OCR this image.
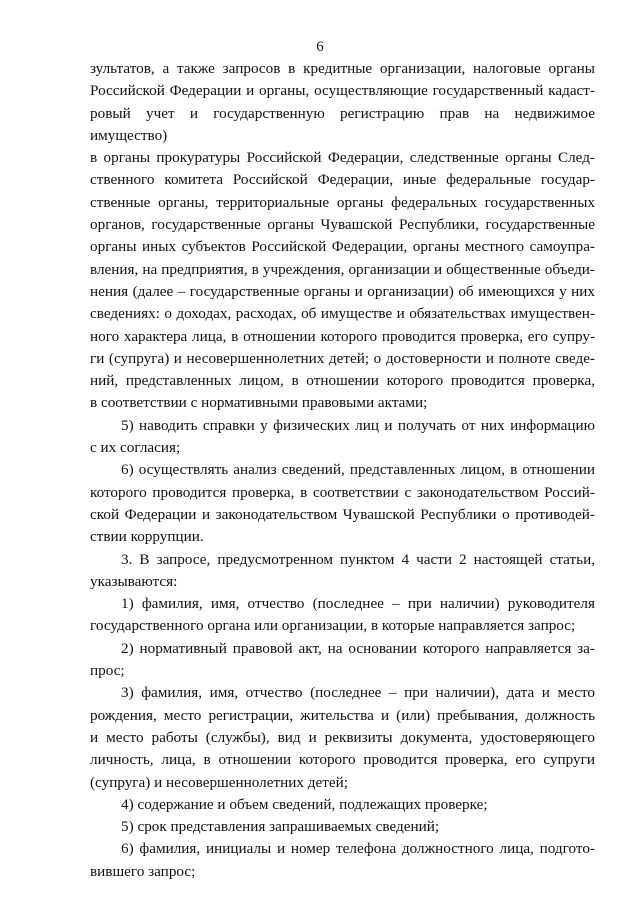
6

зультатов, а также запросов в кредитные организации, налоговые органы

Российской Федерации и органы, осуществляющие государственный кадаст-

ровый учет и государственную регистрацию прав на недвижимое имущество)

в органы прокуратуры Российской Федерации, следственные органы След-

ственного комитета Российской Федерации, иные федеральные государ-

ственные органы, территориальные органы федеральных государственных

органов, государственные органы Чувашской Республики, государственные

органы иных субъектов Российской Федерации, органы местного самоупра-

вления, на предприятия, в учреждения, организации и общественные объеди-

нения (далее – государственные органы и организации) об имеющихся у них

сведениях: о доходах, расходах, об имуществе и обязательствах имуществен-

ного характера лица, в отношении которого проводится проверка, его супру-

ги (супруга) и несовершеннолетних детей; о достоверности и полноте сведе-

ний, представленных лицом, в отношении которого проводится проверка,

в соответствии с нормативными правовыми актами;

5) наводить справки у физических лиц и получать от них информацию

с их согласия;

6) осуществлять анализ сведений, представленных лицом, в отношении

которого проводится проверка, в соответствии с законодательством Россий-

ской Федерации и законодательством Чувашской Республики о противодей-

ствии коррупции.

3. В запросе, предусмотренном пунктом 4 части 2 настоящей статьи,

указываются:

1) фамилия, имя, отчество (последнее – при наличии) руководителя

государственного органа или организации, в которые направляется запрос;

2) нормативный правовой акт, на основании которого направляется за-

прос;

3) фамилия, имя, отчество (последнее – при наличии), дата и место

рождения, место регистрации, жительства и (или) пребывания, должность

и место работы (службы), вид и реквизиты документа, удостоверяющего

личность, лица, в отношении которого проводится проверка, его супруги

(супруга) и несовершеннолетних детей;

4) содержание и объем сведений, подлежащих проверке;

5) срок представления запрашиваемых сведений;

6) фамилия, инициалы и номер телефона должностного лица, подгото-

вившего запрос;
